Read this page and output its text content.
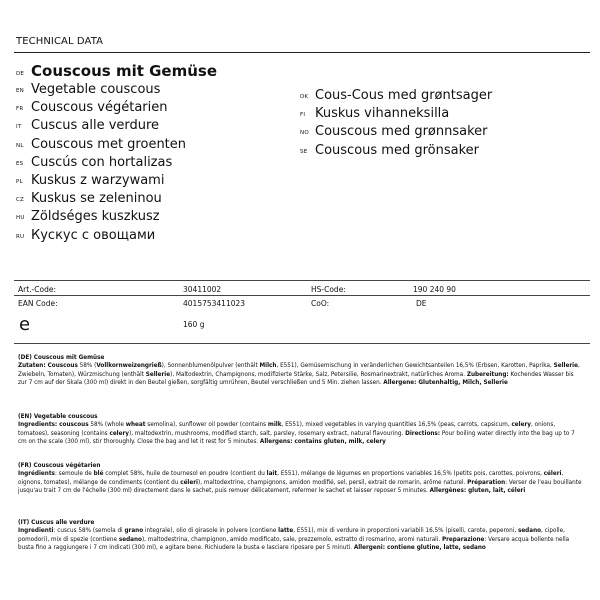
TECHNICAL DATA
DE Couscous mit Gemüse
EN Vegetable couscous
FR Couscous végétarien
IT Cuscus alle verdure
NL Couscous met groenten
ES Cuscús con hortalizas
PL Kuskus z warzywami
CZ Kuskus se zeleninou
HU Zöldséges kuszkusz
RU Кускус с овощами
DK Cous-Cous med grøntsager
FI Kuskus vihanneksilla
NO Couscous med grønnsaker
SE Couscous med grönsaker
Art.-Code:	30411002	HS-Code:	190 240 90
EAN Code:	4015753411023	CoO:	DE
e	160 g

(DE) Couscous mit Gemüse

Zutaten: Couscous 58% (Vollkornweizengrieß), Sonnenblumenölpulver (enthält Milch, E551), Gemüsemischung in veränderlichen Gewichtsanteilen 16,5% (Erbsen, Karotten, Paprika, Sellerie, Zwiebeln, Tomaten), Würzmischung (enthält Sellerie), Maltodextrin, Champignons, modifizierte Stärke, Salz, Petersilie, Rosmarinextrakt, natürliches Aroma. Zubereitung: Kochendes Wasser bis zur 7 cm auf der Skala (300 ml) direkt in den Beutel gießen, sorgfältig umrühren, Beutel verschließen und 5 Min. ziehen lassen. Allergene: Glutenhaltig, Milch, Sellerie

(EN) Vegetable couscous

Ingredients: couscous 58% (whole wheat semolina), sunflower oil powder (contains milk, E551), mixed vegetables in varying quantities 16,5% (peas, carrots, capsicum, celery, onions, tomatoes), seasoning (contains celery), maltodextrin, mushrooms, modified starch, salt, parsley, rosemary extract, natural flavouring. Directions: Pour boiling water directly into the bag up to 7 cm on the scale (300 ml), stir thoroughly. Close the bag and let it rest for 5 minutes. Allergens: contains gluten, milk, celery

(FR) Couscous végétarien

Ingrédients: semoule de blé complet 58%, huile de tournesol en poudre (contient du lait, E551), mélange de légumes en proportions variables 16,5% (petits pois, carottes, poivrons, céleri, oignons, tomates), mélange de condiments (contient du céleri), maltodextrine, champignons, amidon modifié, sel, persil, extrait de romarin, arôme naturel. Préparation: Verser de l'eau bouillante jusqu'au trait 7 cm de l'échelle (300 ml) directement dans le sachet, puis remuer délicatement, refermer le sachet et laisser reposer 5 minutes. Allergènes: gluten, lait, céleri

(IT) Cuscus alle verdure

Ingredienti: cuscus 58% (semola di grano integrale), olio di girasole in polvere (contiene latte, E551), mix di verdure in proporzioni variabili 16,5% (piselli, carote, peperoni, sedano, cipolle, pomodori), mix di spezie (contiene sedano), maltodestrina, champignon, amido modificato, sale, prezzemolo, estratto di rosmarino, aromi naturali. Preparazione: Versare acqua bollente nella busta fino a raggiungere i 7 cm indicati (300 ml), e agitare bene. Richiudere la busta e lasciare riposare per 5 minuti. Allergeni: contiene glutine, latte, sedano
